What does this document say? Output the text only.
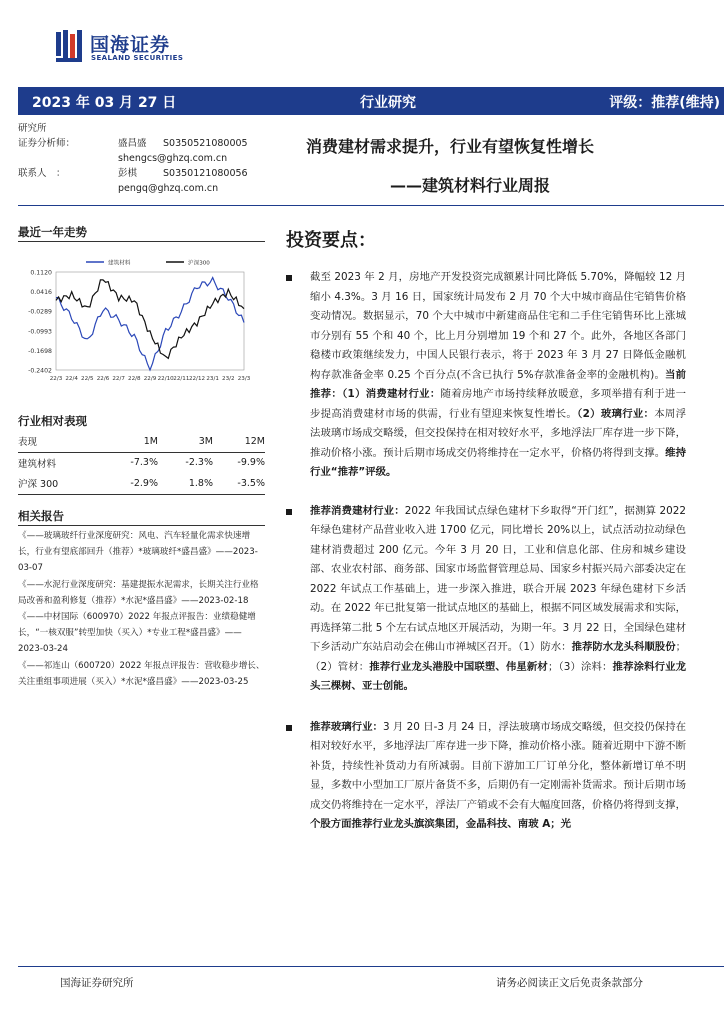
国海证券
SEALAND SECURITIES
2023 年 03 月 27 日	行业研究	评级：推荐(维持)
研究所
证券分析师：	盛昌盛 S0350521080005
shengcs@ghzq.com.cn
联系人　：	彭棋	S0350121080056
pengq@ghzq.com.cn
消费建材需求提升，行业有望恢复性增长
——建筑材料行业周报
最近一年走势
0.1120
0.0416
-0.0289
-0.0993
-0.1698
-0.2402
22/3 22/4 22/5 22/6 22/7 22/8 22/9 22/10 22/11 22/12 23/1 23/2 23/3
建筑材料	沪深300
行业相对表现
表现	1M	3M	12M
建筑材料	-7.3%	-2.3%	-9.9%
沪深 300	-2.9%	1.8%	-3.5%
相关报告

《——玻璃玻纤行业深度研究：风电、汽车轻量化需求快速增长，行业有望底部回升（推荐）*玻璃玻纤*盛昌盛》——2023-03-07

《——水泥行业深度研究：基建提振水泥需求，长期关注行业格局改善和盈利修复（推荐）*水泥*盛昌盛》——2023-02-18

《——中材国际（600970）2022 年报点评报告：业绩稳健增长，“一核双服”转型加快（买入）*专业工程*盛昌盛》——2023-03-24

《——祁连山（600720）2022 年报点评报告：营收稳步增长、关注重组事项进展（买入）*水泥*盛昌盛》——2023-03-25

投资要点：
截至 2023 年 2 月，房地产开发投资完成额累计同比降低 5.70%，降幅较 12 月缩小 4.3%。3 月 16 日，国家统计局发布 2 月 70 个大中城市商品住宅销售价格变动情况。数据显示，70 个大中城市中新建商品住宅和二手住宅销售环比上涨城市分别有 55 个和 40 个，比上月分别增加 19 个和 27 个。此外，各地区各部门稳楼市政策继续发力，中国人民银行表示，将于 2023 年 3 月 27 日降低金融机构存款准备金率 0.25 个百分点(不含已执行 5%存款准备金率的金融机构)。当前推荐：（1）消费建材行业：随着房地产市场持续释放暖意，多项举措有利于进一步提高消费建材市场的供需，行业有望迎来恢复性增长。（2）玻璃行业：本周浮法玻璃市场成交略缓，但交投保持在相对较好水平，多地浮法厂库存进一步下降，推动价格小涨。预计后期市场成交仍将维持在一定水平，价格仍将得到支撑。维持行业“推荐”评级。
推荐消费建材行业：2022 年我国试点绿色建材下乡取得“开门红”，据测算 2022 年绿色建材产品营业收入进 1700 亿元，同比增长 20%以上，试点活动拉动绿色建材消费超过 200 亿元。今年 3 月 20 日，工业和信息化部、住房和城乡建设部、农业农村部、商务部、国家市场监督管理总局、国家乡村振兴局六部委决定在 2022 年试点工作基础上，进一步深入推进，联合开展 2023 年绿色建材下乡活动。在 2022 年已批复第一批试点地区的基础上，根据不同区域发展需求和实际，再选择第二批 5 个左右试点地区开展活动，为期一年。3 月 22 日，全国绿色建材下乡活动广东站启动会在佛山市禅城区召开。（1）防水：推荐防水龙头科顺股份；（2）管材：推荐行业龙头港股中国联塑、伟星新材；（3）涂料：推荐涂料行业龙头三棵树、亚士创能。
推荐玻璃行业：3 月 20 日-3 月 24 日，浮法玻璃市场成交略缓，但交投仍保持在相对较好水平，多地浮法厂库存进一步下降，推动价格小涨。随着近期中下游不断补货，持续性补货动力有所减弱。目前下游加工厂订单分化，整体新增订单不明显，多数中小型加工厂原片备货不多，后期仍有一定刚需补货需求。预计后期市场成交仍将维持在一定水平，浮法厂产销或不会有大幅度回落，价格仍将得到支撑，个股方面推荐行业龙头旗滨集团，金晶科技、南玻 A；光
国海证券研究所	请务必阅读正文后免责条款部分
